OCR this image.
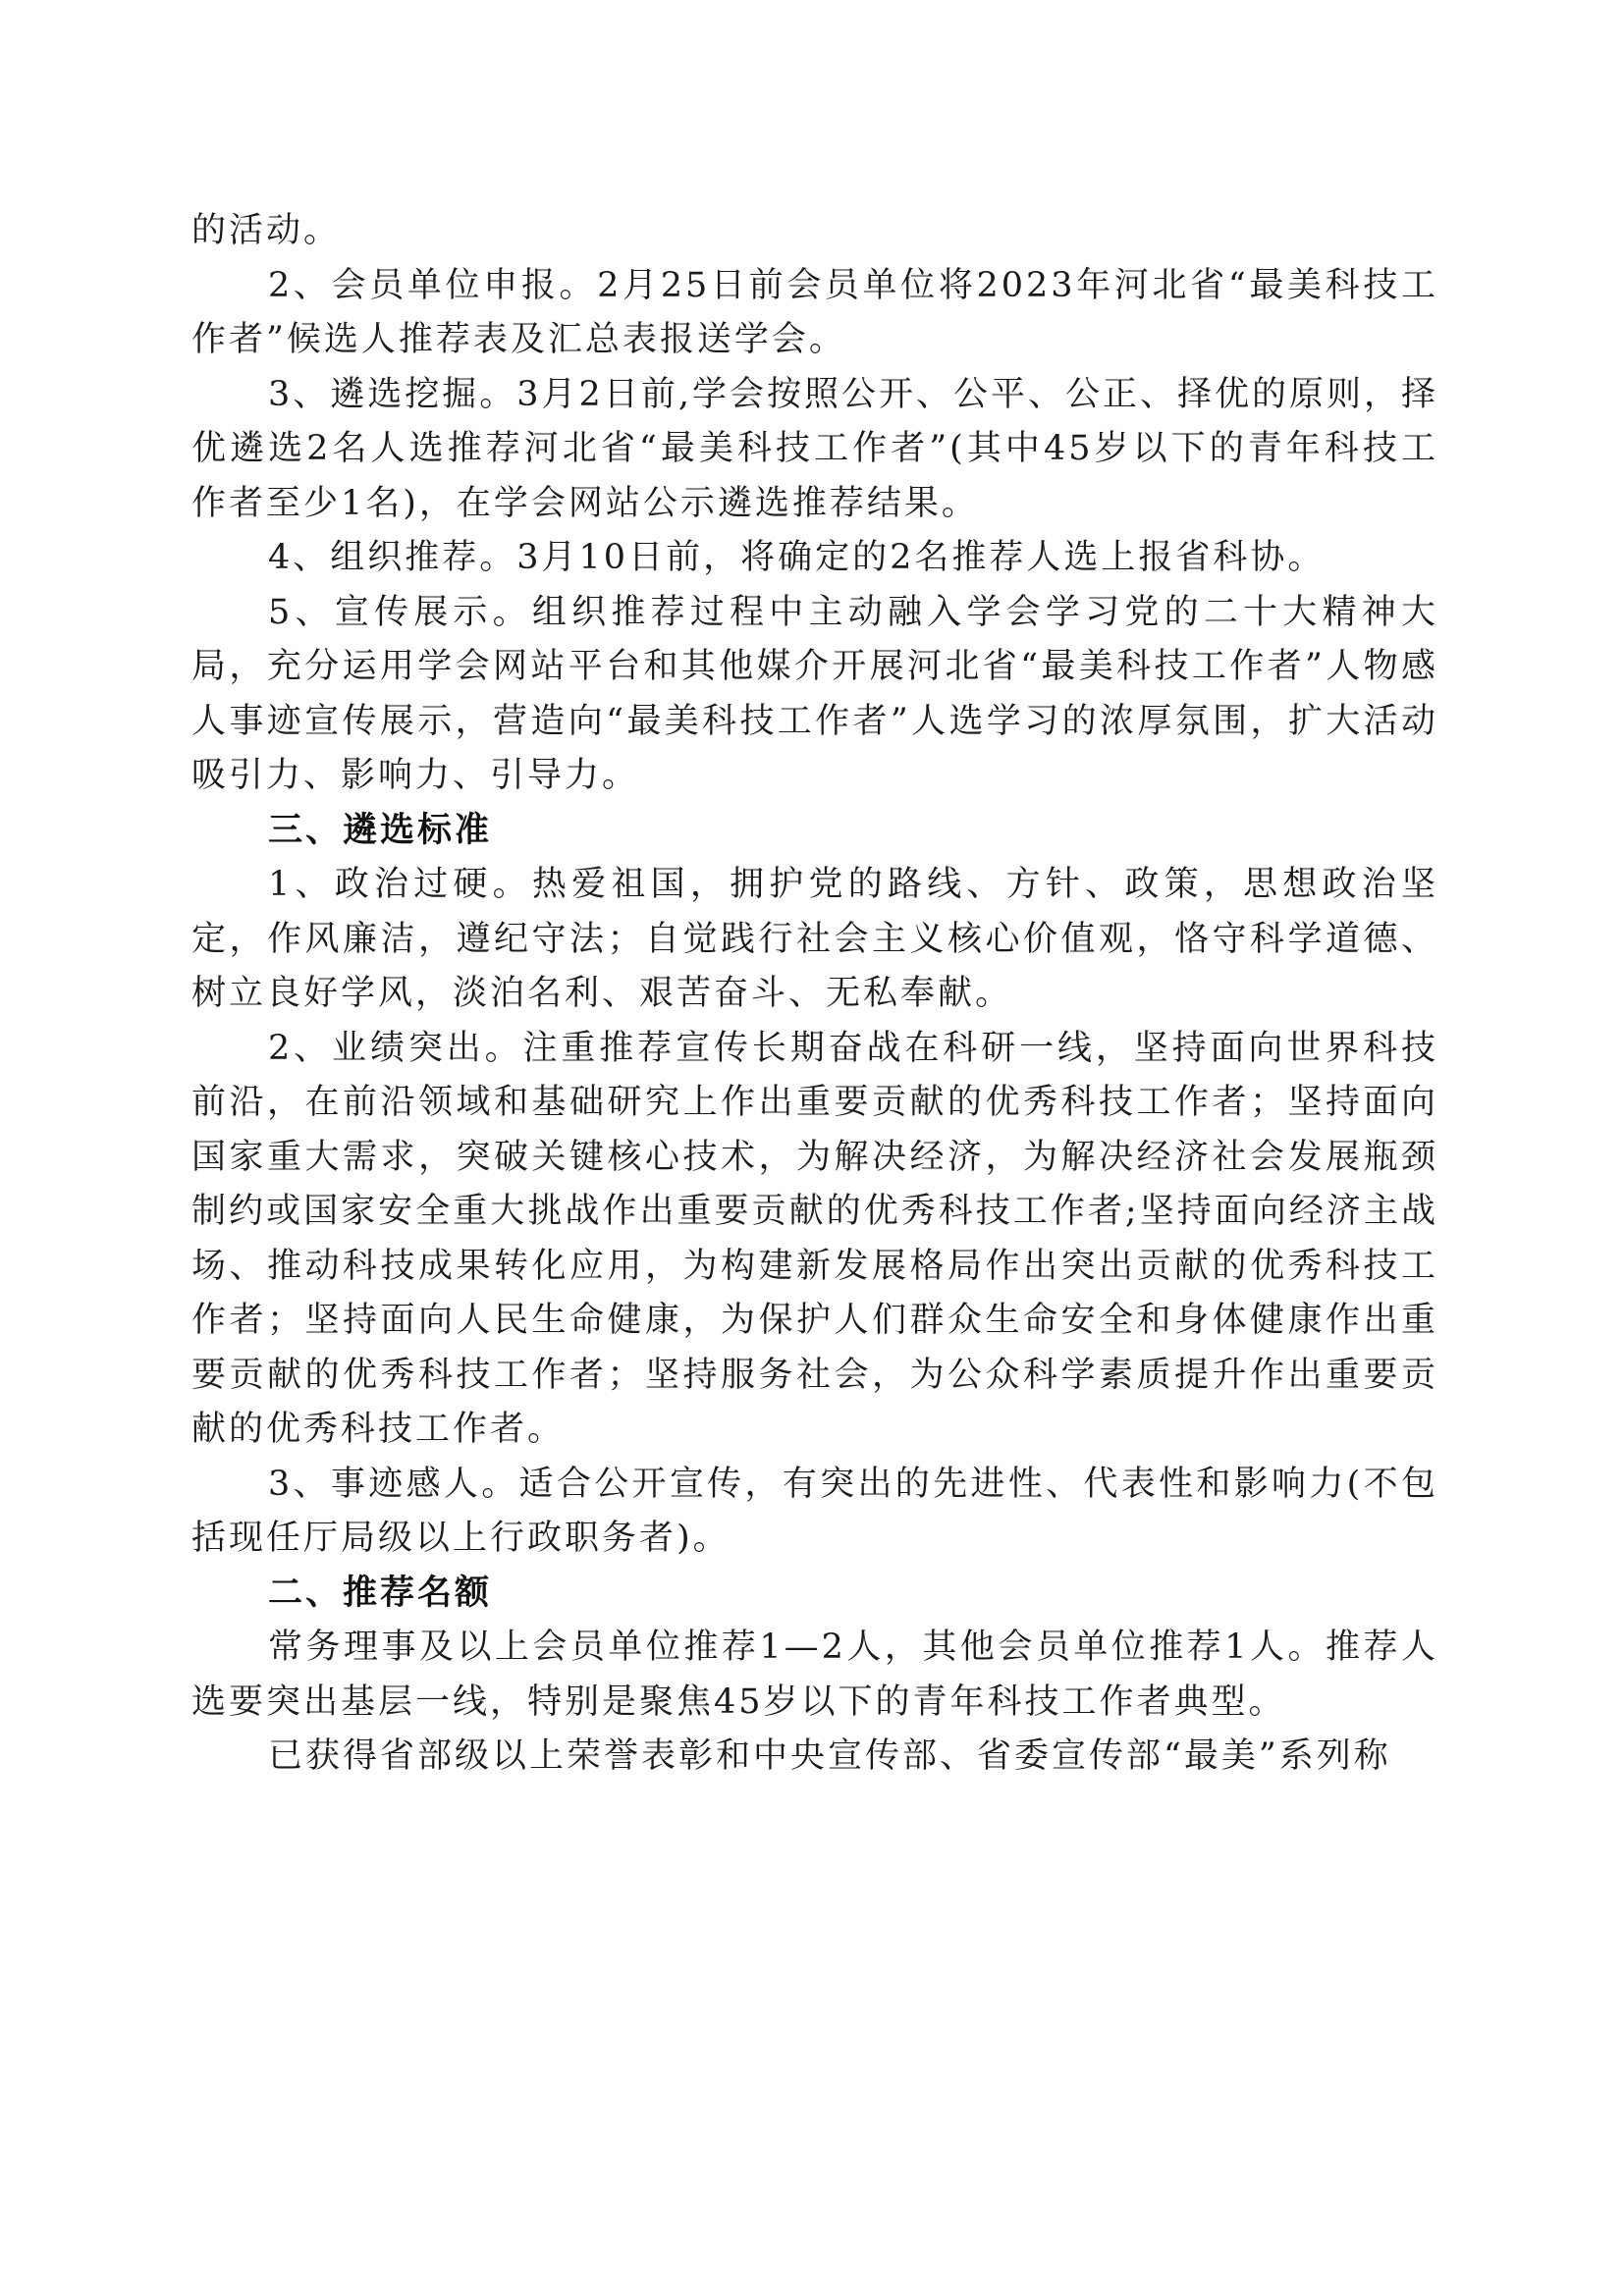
的活动。

2、会员单位申报。2月25日前会员单位将2023年河北省“最美科技工作者”候选人推荐表及汇总表报送学会。

3、遴选挖掘。3月2日前,学会按照公开、公平、公正、择优的原则，择优遴选2名人选推荐河北省“最美科技工作者”(其中45岁以下的青年科技工作者至少1名)，在学会网站公示遴选推荐结果。

4、组织推荐。3月10日前，将确定的2名推荐人选上报省科协。

5、宣传展示。组织推荐过程中主动融入学会学习党的二十大精神大局，充分运用学会网站平台和其他媒介开展河北省“最美科技工作者”人物感人事迹宣传展示，营造向“最美科技工作者”人选学习的浓厚氛围，扩大活动吸引力、影响力、引导力。

三、遴选标准

1、政治过硬。热爱祖国，拥护党的路线、方针、政策，思想政治坚定，作风廉洁，遵纪守法；自觉践行社会主义核心价值观，恪守科学道德、树立良好学风，淡泊名利、艰苦奋斗、无私奉献。

2、业绩突出。注重推荐宣传长期奋战在科研一线，坚持面向世界科技前沿，在前沿领域和基础研究上作出重要贡献的优秀科技工作者；坚持面向国家重大需求，突破关键核心技术，为解决经济，为解决经济社会发展瓶颈制约或国家安全重大挑战作出重要贡献的优秀科技工作者;坚持面向经济主战场、推动科技成果转化应用，为构建新发展格局作出突出贡献的优秀科技工作者；坚持面向人民生命健康，为保护人们群众生命安全和身体健康作出重要贡献的优秀科技工作者；坚持服务社会，为公众科学素质提升作出重要贡献的优秀科技工作者。

3、事迹感人。适合公开宣传，有突出的先进性、代表性和影响力(不包括现任厅局级以上行政职务者)。

二、推荐名额

常务理事及以上会员单位推荐1—2人，其他会员单位推荐1人。推荐人选要突出基层一线，特别是聚焦45岁以下的青年科技工作者典型。

已获得省部级以上荣誉表彰和中央宣传部、省委宣传部“最美”系列称
